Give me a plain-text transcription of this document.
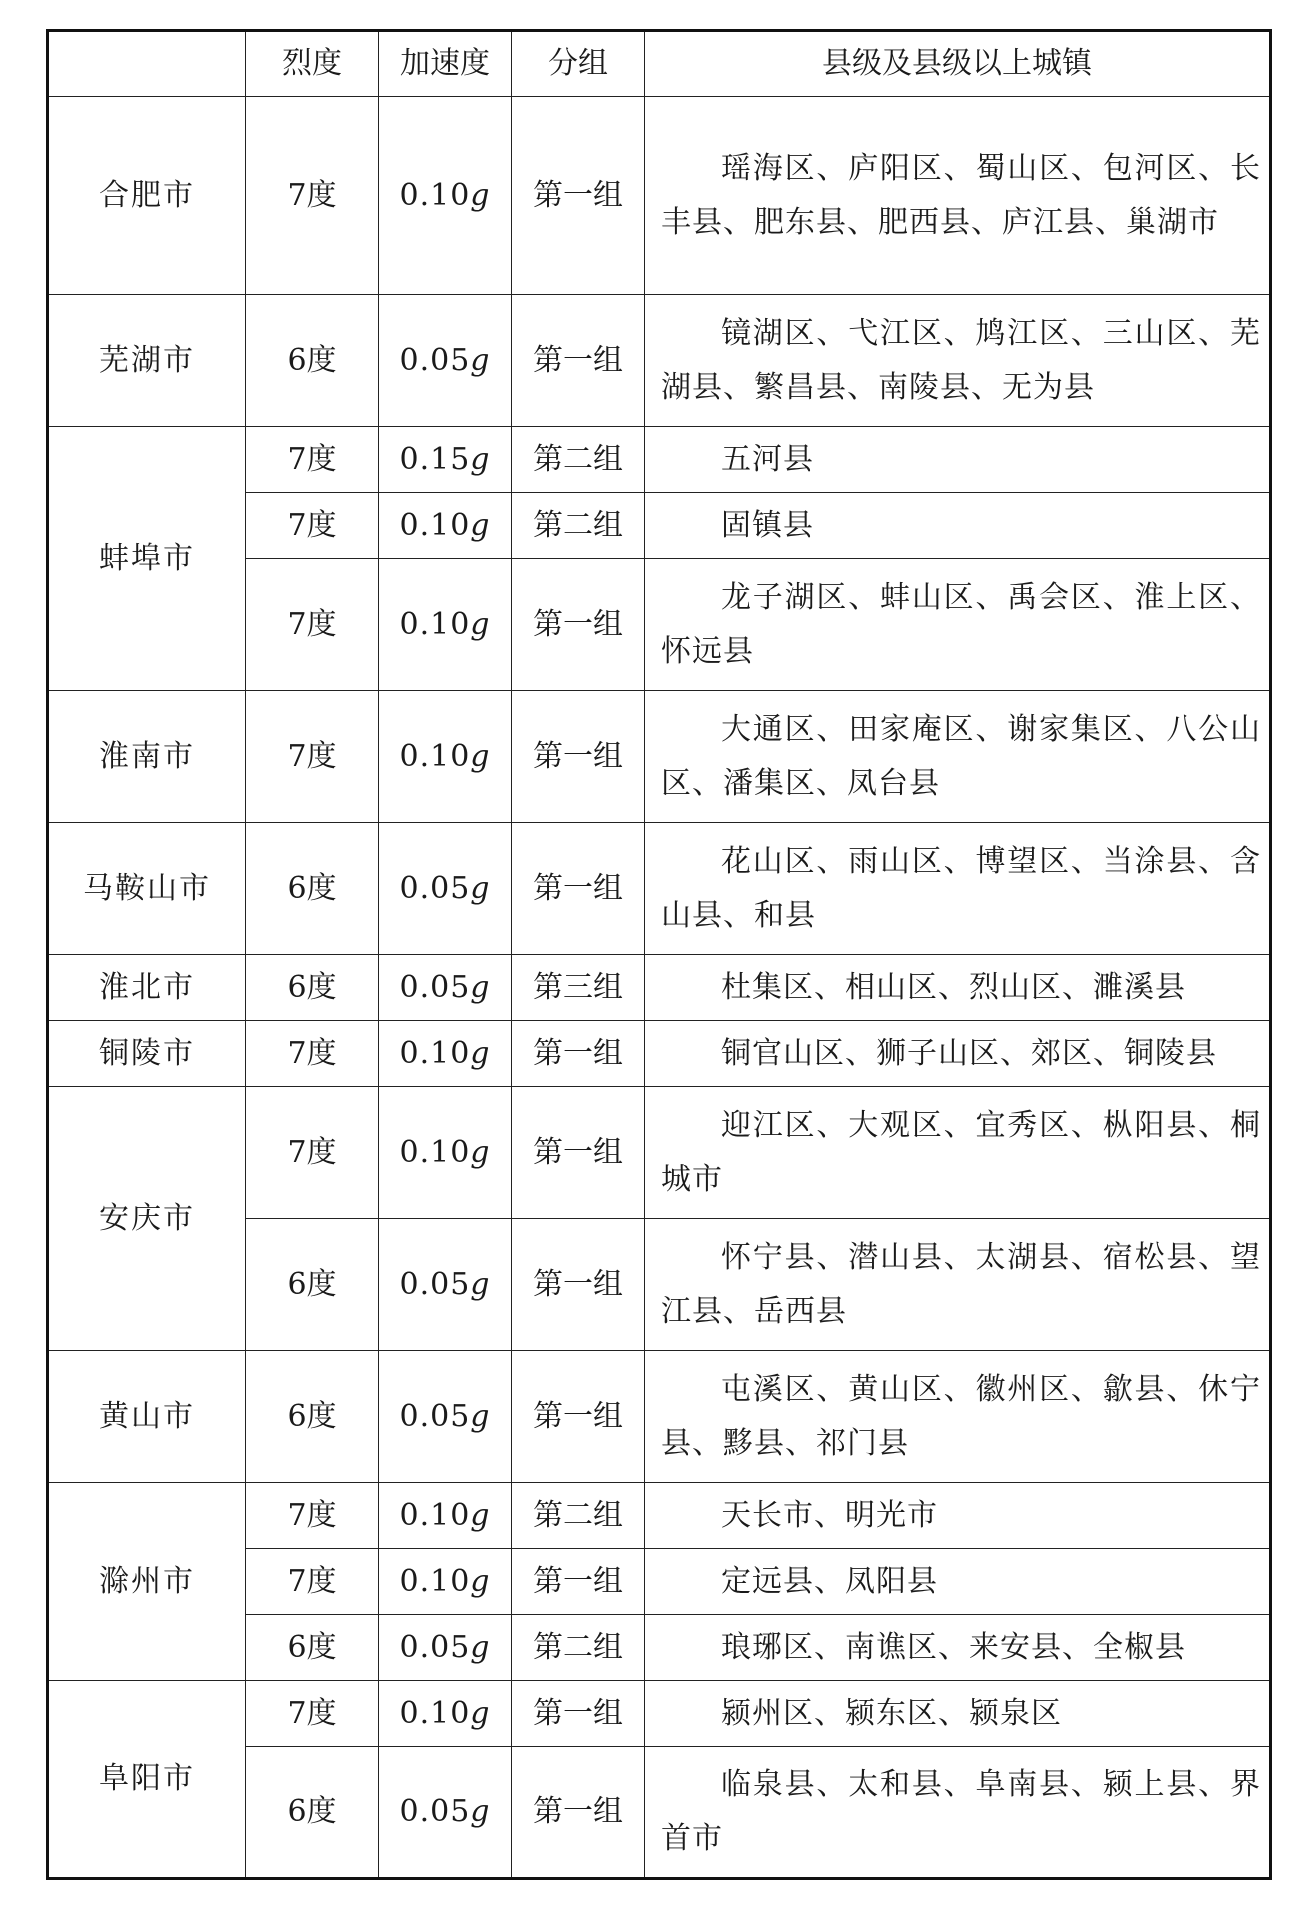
	烈度	加速度	分组	县级及县级以上城镇
合肥市	7度	0.10g	第一组	瑶海区、庐阳区、蜀山区、包河区、长丰县、肥东县、肥西县、庐江县、巢湖市
芜湖市	6度	0.05g	第一组	镜湖区、弋江区、鸠江区、三山区、芜湖县、繁昌县、南陵县、无为县
蚌埠市	7度	0.15g	第二组	五河县
	7度	0.10g	第二组	固镇县
	7度	0.10g	第一组	龙子湖区、蚌山区、禹会区、淮上区、怀远县
淮南市	7度	0.10g	第一组	大通区、田家庵区、谢家集区、八公山区、潘集区、凤台县
马鞍山市	6度	0.05g	第一组	花山区、雨山区、博望区、当涂县、含山县、和县
淮北市	6度	0.05g	第三组	杜集区、相山区、烈山区、濉溪县
铜陵市	7度	0.10g	第一组	铜官山区、狮子山区、郊区、铜陵县
安庆市	7度	0.10g	第一组	迎江区、大观区、宜秀区、枞阳县、桐城市
	6度	0.05g	第一组	怀宁县、潜山县、太湖县、宿松县、望江县、岳西县
黄山市	6度	0.05g	第一组	屯溪区、黄山区、徽州区、歙县、休宁县、黟县、祁门县
滁州市	7度	0.10g	第二组	天长市、明光市
	7度	0.10g	第一组	定远县、凤阳县
	6度	0.05g	第二组	琅琊区、南谯区、来安县、全椒县
阜阳市	7度	0.10g	第一组	颍州区、颍东区、颍泉区
	6度	0.05g	第一组	临泉县、太和县、阜南县、颍上县、界首市
